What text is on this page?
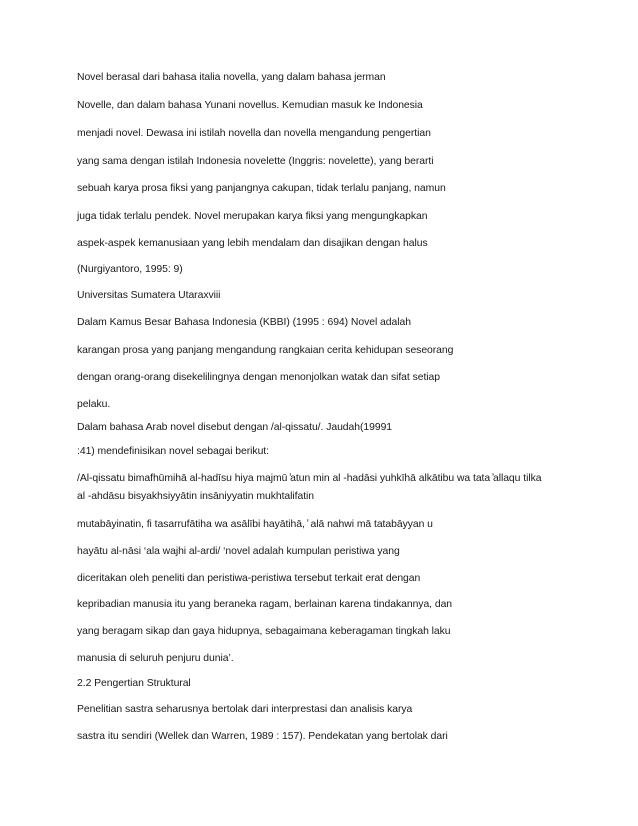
Novel berasal dari bahasa italia novella, yang dalam bahasa jerman
Novelle, dan dalam bahasa Yunani novellus. Kemudian masuk ke Indonesia
menjadi novel. Dewasa ini istilah novella dan novella mengandung pengertian
yang sama dengan istilah Indonesia novelette (Inggris: novelette), yang berarti
sebuah karya prosa fiksi yang panjangnya cakupan, tidak terlalu panjang, namun
juga tidak terlalu pendek. Novel merupakan karya fiksi yang mengungkapkan
aspek-aspek kemanusiaan yang lebih mendalam dan disajikan dengan halus
(Nurgiyantoro, 1995: 9)
Universitas Sumatera Utaraxviii
Dalam Kamus Besar Bahasa Indonesia (KBBI) (1995 : 694) Novel adalah
karangan prosa yang panjang mengandung rangkaian cerita kehidupan seseorang
dengan orang-orang disekelilingnya dengan menonjolkan watak dan sifat setiap
pelaku.
Dalam bahasa Arab novel disebut dengan /al-qissatu/. Jaudah(19991
:41) mendefinisikan novel sebagai berikut:
/Al-qissatu bimafhūmihā al-hadīsu hiya majmū ̓atun min al -hadāsi yuhkīhā alkātibu wa tata ̓allaqu tilka
al -ahdāsu bisyakhsiyyātin insāniyyatin mukhtalifatin
mutabāyinatin, fi tasarrufātiha wa asālībi hayātihā, ̓ alā nahwi mā tatabāyyan u
hayātu al-nāsi ‘ala wajhi al-ardi/ ‘novel adalah kumpulan peristiwa yang
diceritakan oleh peneliti dan peristiwa-peristiwa tersebut terkait erat dengan
kepribadian manusia itu yang beraneka ragam, berlainan karena tindakannya, dan
yang beragam sikap dan gaya hidupnya, sebagaimana keberagaman tingkah laku
manusia di seluruh penjuru dunia’.
2.2 Pengertian Struktural
Penelitian sastra seharusnya bertolak dari interprestasi dan analisis karya
sastra itu sendiri (Wellek dan Warren, 1989 : 157). Pendekatan yang bertolak dari
